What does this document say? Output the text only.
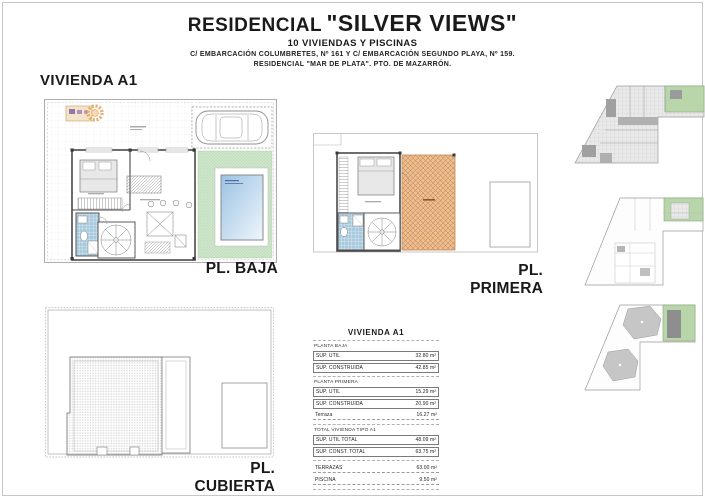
RESIDENCIAL "SILVER VIEWS"
10 VIVIENDAS Y PISCINAS
C/ EMBARCACIÓN COLUMBRETES, Nº 161 Y C/ EMBARCACIÓN SEGUNDO PLAYA, Nº 159.
RESIDENCIAL "MAR DE PLATA". PTO. DE MAZARRÓN.
VIVIENDA A1
PL. BAJA	PL. PRIMERA
PL. CUBIERTA
VIVIENDA A1
PLANTA BAJA
SUP. UTIL	32.80 m²
SUP. CONSTRUIDA	42.85 m²
PLANTA PRIMERA
SUP. UTIL	15.29 m²
SUP. CONSTRUIDA	20.90 m²
Terraza	16.27 m²
TOTAL VIVIENDA TIPO A1
SUP. UTIL TOTAL	48.09 m²
SUP. CONST. TOTAL	63.75 m²
TERRAZAS	63.00 m²
PISCINA	9.50 m²
